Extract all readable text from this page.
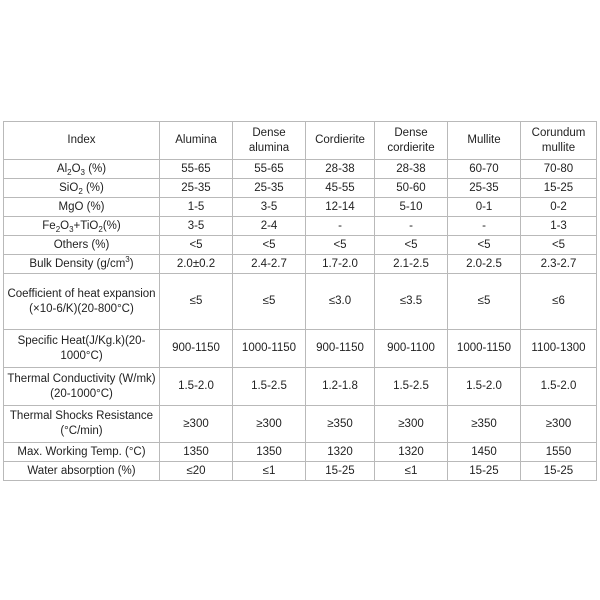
Index	Alumina	Dense alumina	Cordierite	Dense cordierite	Mullite	Corundum mullite
$Al_2O_3$ (%)	55-65	55-65	28-38	28-38	60-70	70-80
SiO$_2$ (%)	25-35	25-35	45-55	50-60	25-35	15-25
MgO (%)	1-5	3-5	12-14	5-10	0-1	0-2
$Fe_2O_3+TiO_2(\%)$	3-5	2-4	-	-	-	1-3
Others (%)	<5	<5	<5	<5	<5	<5
Bulk Density $(g/cm^3)$	2.0±0.2	2.4-2.7	1.7-2.0	2.1-2.5	2.0-2.5	2.3-2.7
Coefficient of heat expansion (×10-6/K)(20-800°C)	≤5	≤5	≤3.0	≤3.5	≤5	≤6
Specific Heat(J/Kg.k)(20-1000°C)	900-1150	1000-1150	900-1150	900-1100	1000-1150	1100-1300
Thermal Conductivity (W/mk) (20-1000°C)	1.5-2.0	1.5-2.5	1.2-1.8	1.5-2.5	1.5-2.0	1.5-2.0
Thermal Shocks Resistance (°C/min)	≥300	≥300	≥350	≥300	≥350	≥300
Max. Working Temp. (°C)	1350	1350	1320	1320	1450	1550
Water absorption (%)	≤20	≤1	15-25	≤1	15-25	15-25
